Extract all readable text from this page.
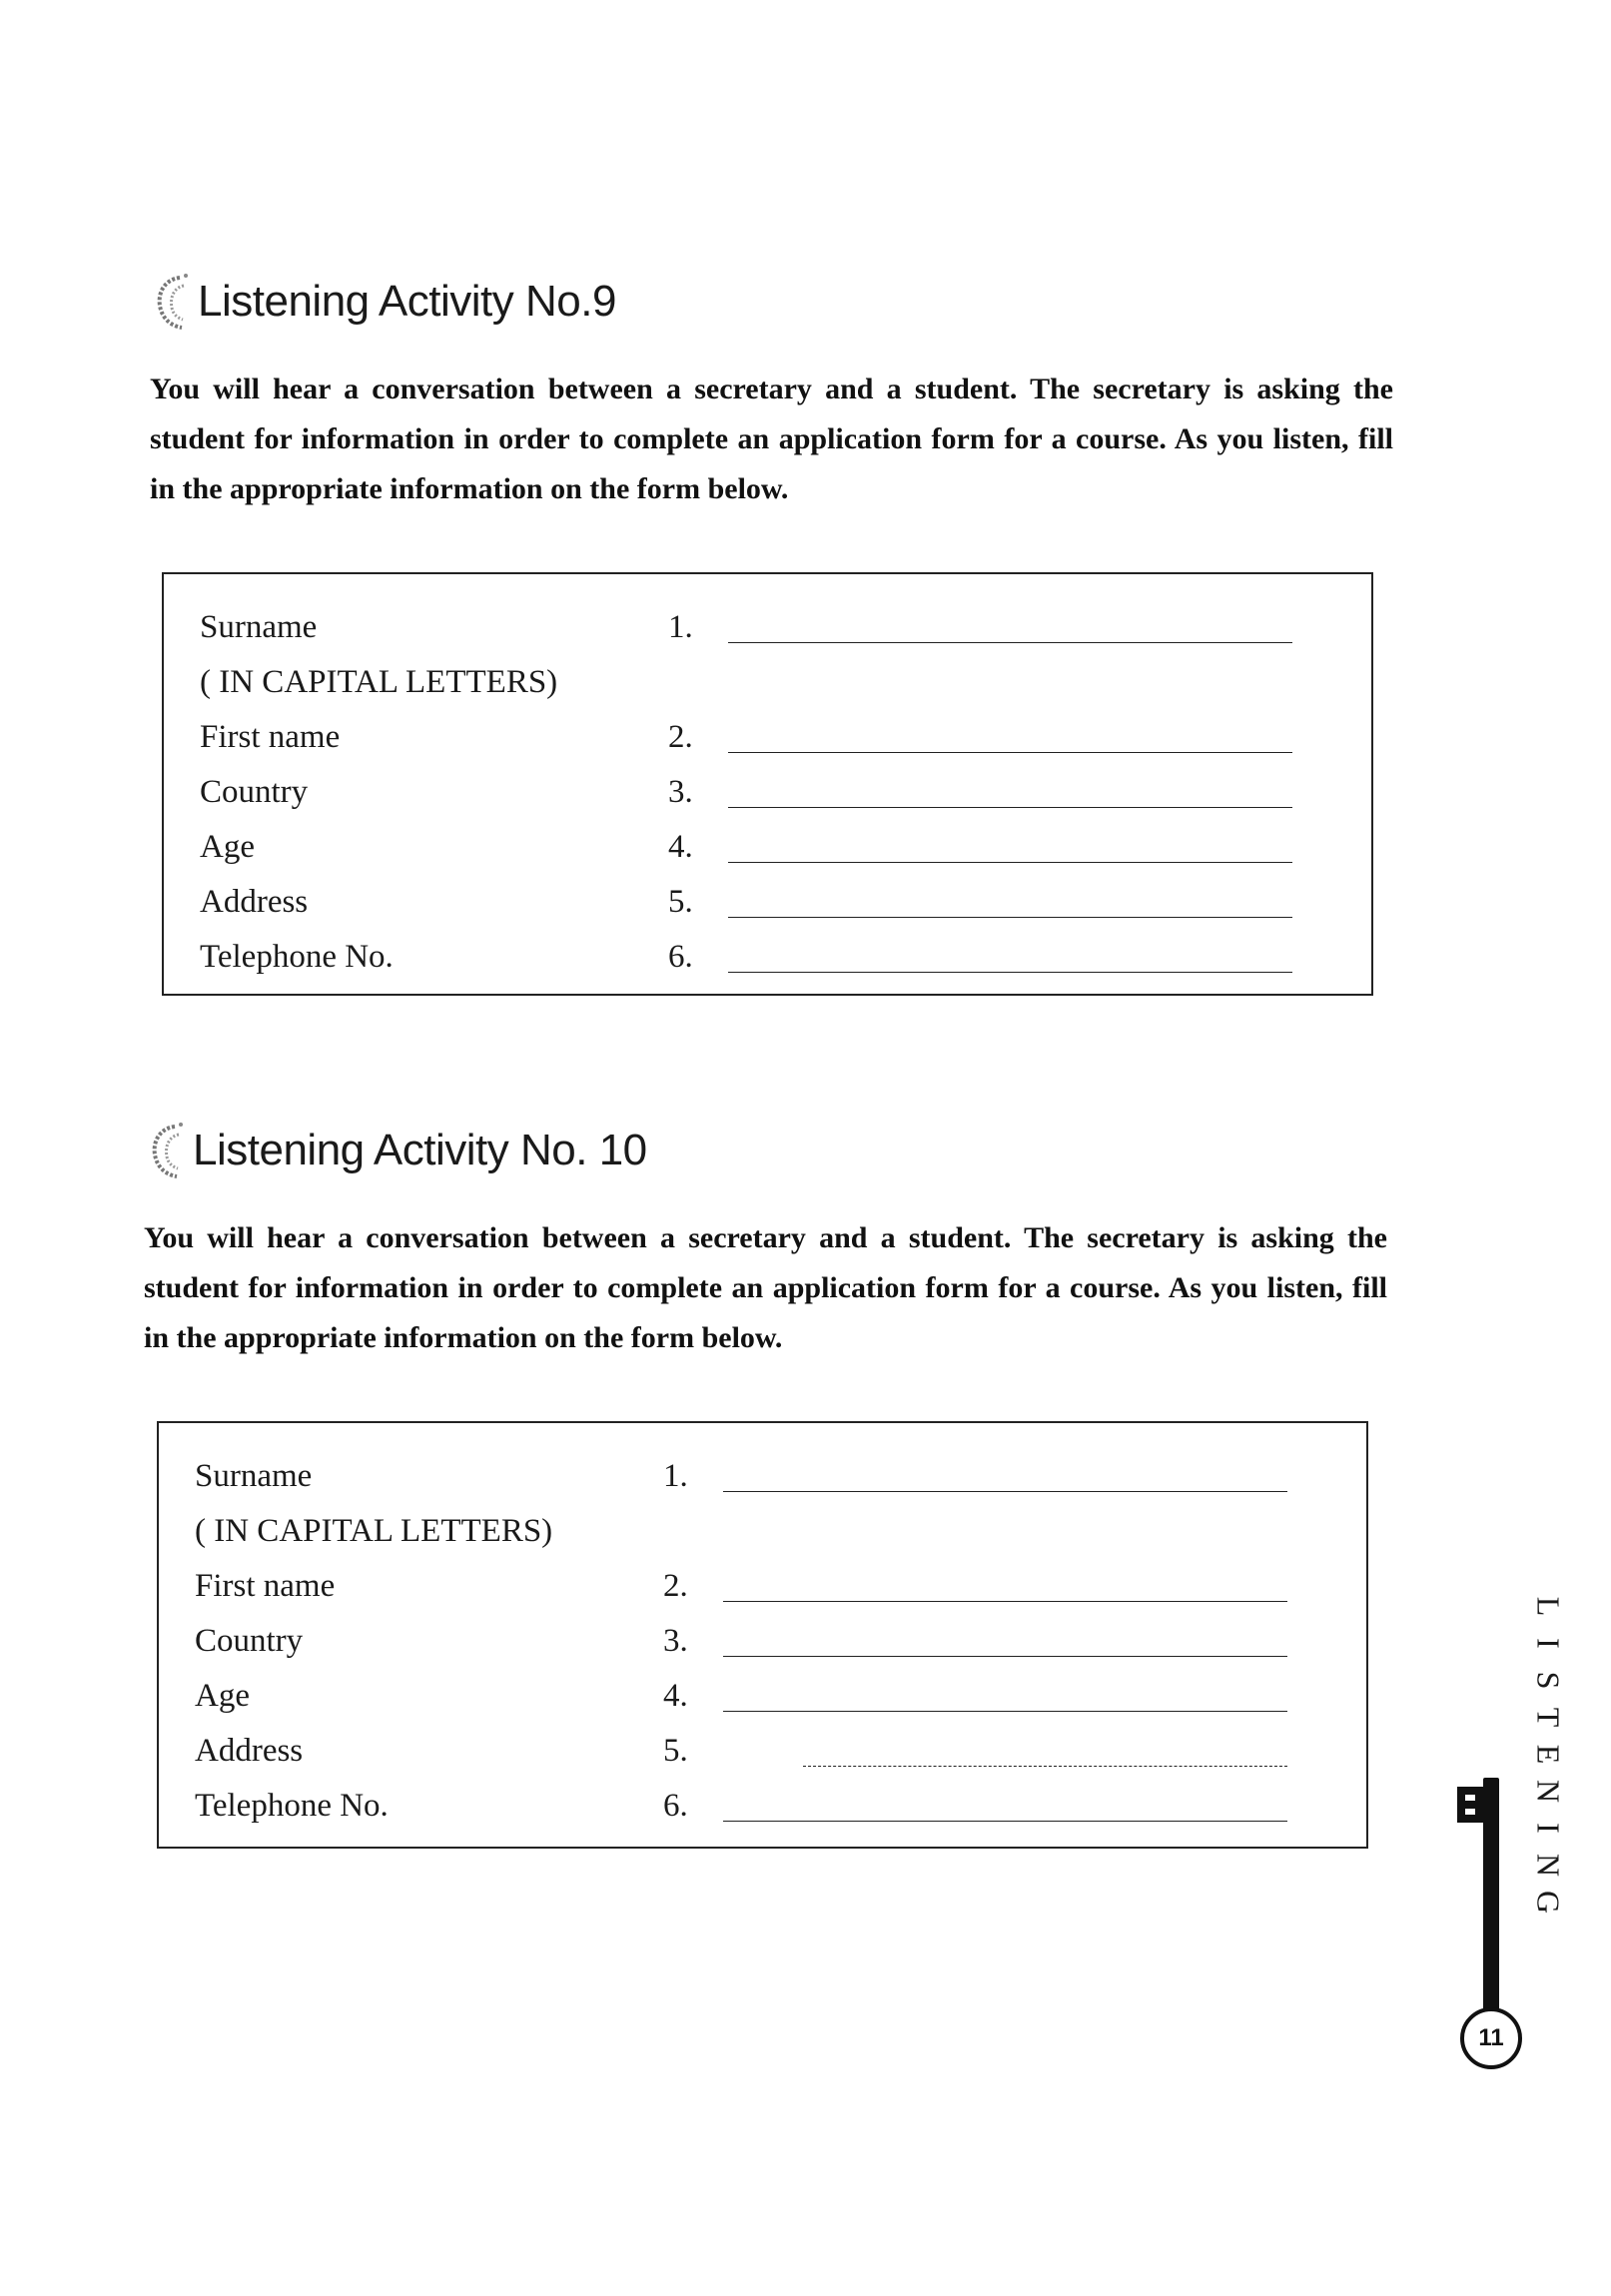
Listening Activity No.9

You will hear a conversation between a secretary and a student. The secretary is asking the student for information in order to complete an application form for a course. As you listen, fill in the appropriate information on the form below.

Surname	1.
( IN CAPITAL LETTERS)
First name	2.
Country	3.
Age	4.
Address	5.
Telephone No.	6.
Listening Activity No. 10

You will hear a conversation between a secretary and a student. The secretary is asking the student for information in order to complete an application form for a course. As you listen, fill in the appropriate information on the form below.

Surname	1.
( IN CAPITAL LETTERS)
First name	2.
Country	3.
Age	4.
Address	5.
Telephone No.	6.
L
I
S
T
E
N
I
N
G
11
